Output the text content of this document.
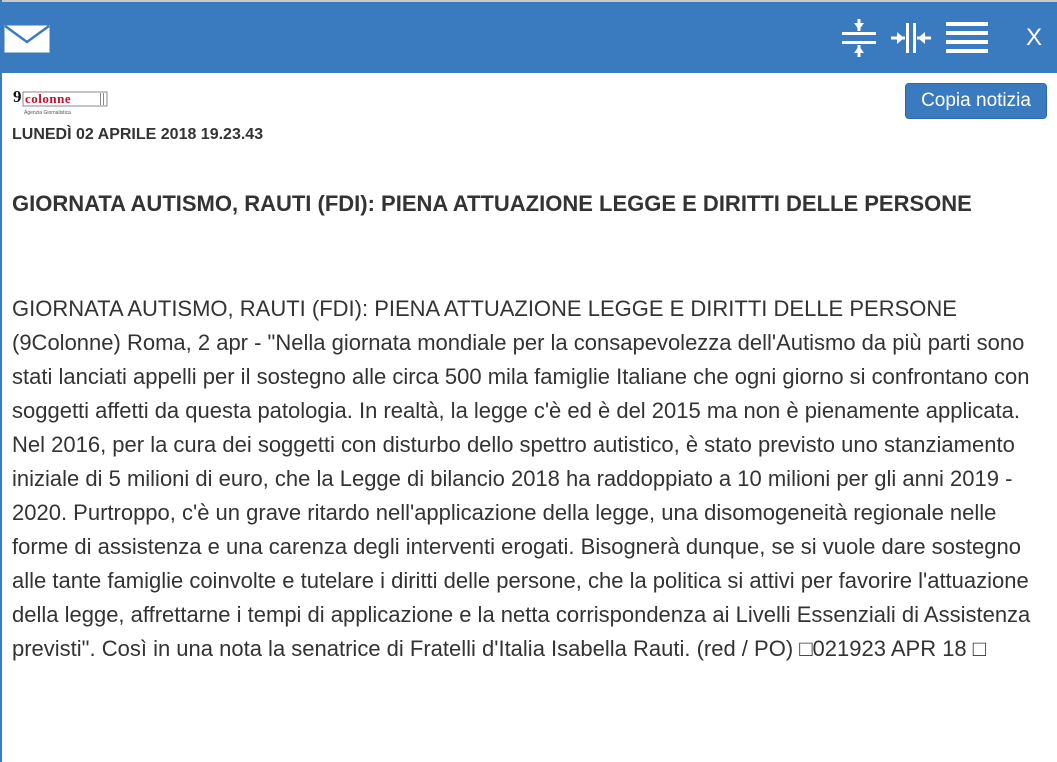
X
9 colonne
Agenzia Giornalistica
Copia notizia
LUNEDÌ 02 APRILE 2018 19.23.43
GIORNATA AUTISMO, RAUTI (FDI): PIENA ATTUAZIONE LEGGE E DIRITTI DELLE PERSONE

GIORNATA AUTISMO, RAUTI (FDI): PIENA ATTUAZIONE LEGGE E DIRITTI DELLE PERSONE (9Colonne) Roma, 2 apr - "Nella giornata mondiale per la consapevolezza dell'Autismo da più parti sono stati lanciati appelli per il sostegno alle circa 500 mila famiglie Italiane che ogni giorno si confrontano con soggetti affetti da questa patologia. In realtà, la legge c'è ed è del 2015 ma non è pienamente applicata. Nel 2016, per la cura dei soggetti con disturbo dello spettro autistico, è stato previsto uno stanziamento iniziale di 5 milioni di euro, che la Legge di bilancio 2018 ha raddoppiato a 10 milioni per gli anni 2019 - 2020. Purtroppo, c'è un grave ritardo nell'applicazione della legge, una disomogeneità regionale nelle forme di assistenza e una carenza degli interventi erogati. Bisognerà dunque, se si vuole dare sostegno alle tante famiglie coinvolte e tutelare i diritti delle persone, che la politica si attivi per favorire l'attuazione della legge, affrettarne i tempi di applicazione e la netta corrispondenza ai Livelli Essenziali di Assistenza previsti". Così in una nota la senatrice di Fratelli d'Italia Isabella Rauti. (red / PO) □021923 APR 18 □
